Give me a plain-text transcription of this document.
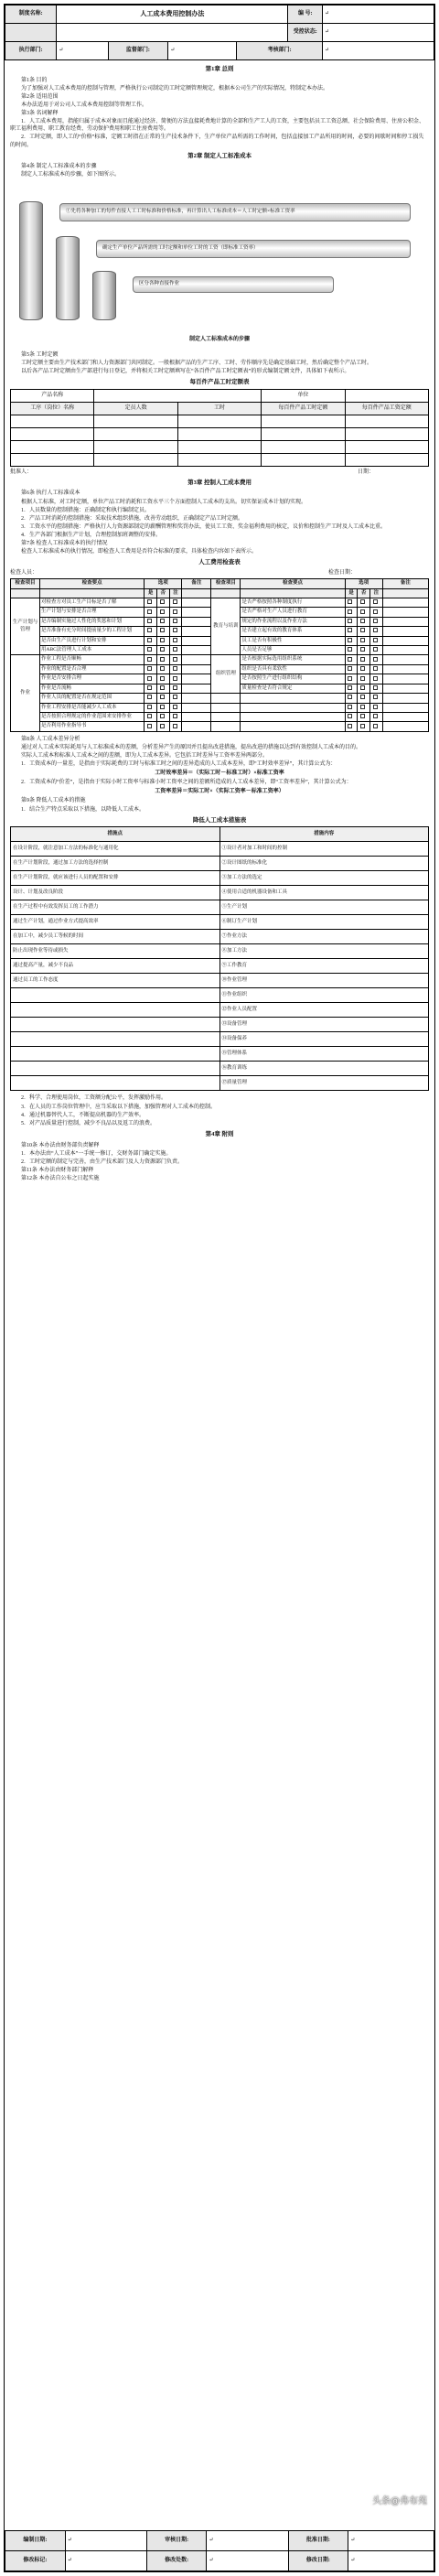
制度名称:	人工成本费用控制办法				编 号:	↵
					受控状态:	↵
执行部门:	↵	监督部门:	↵	考核部门:		↵
第1章 总则

第1条 目的

为了加强对人工成本费用的控制与管理，严格执行公司制定的工时定额管理规定，根据本公司生产的实际情况，特制定本办法。

第2条 适用范围

本办法适用于对公司人工成本费用控制等管理工作。

第3条 名词解释

1．人工成本费用，指能归属于成本对象而且能通过经济、简便的方法直接耗费地计算的全部和生产工人的工资，主要包括员工工资总额、社会保险费用、住房公积金、职工福利费用、职工教育经费、劳动保护费用和职工住房费用等。

2．工时定额，即人工的“价格”标准，定额工时指在正常的生产技术条件下，生产单位产品所需的工作时间，包括直接加工产品所用的时间，必要的间歇时间和停工损失的时间。

第2章 制定人工标准成本

第4条 制定人工标准成本的步骤

制定人工标准成本的步骤，如下图所示。

①先将各种加工的每件直接人工工时标准和价格标准，再计算出人工标准成本＝人工时定额×标准工资率
确定生产单位产品所需的工时定额和单位工时的工资（即标准工资率）
区分各种直接作业
制定人工标准成本的步骤

第5条 工时定额

工时定额主要由生产技术部门和人力资源部门共同制定。一般根据产品的生产工序、工时、劳作顺序先是确定基础工时，然后确定整个产品工时。

以后各产品工时定额由生产部进行每日登记，并将相关工时定额填写在“各百件产品工时定额表”的形式编制定额文件，具体如下表所示。

每百件产品工时定额表
产品名称			单位	
工序（岗位）名称	定员人数	工时	每百件产品工时定额	每百件产品工资定额

批准人：	日期：
第3章 控制人工成本费用

第6条 执行人工标准成本

根据人工标准，对工时定额，单位产品工时消耗和工资水平三个方面控制人工成本的支出。切实保证成本计划的实现。

1．人员数量的控制措施：正确制定和执行编制定员。

2．产品工时消耗的控制措施：采取技术组织措施，改善劳动组织，正确制定产品工时定额。

3．工资水平的控制措施：严格执行人力资源部制定的薪酬管理和奖罚办法，使员工工资、奖金福利费用的核定，议价和控制生产工时及人工成本比重。

4．生产各部门根据生产计划，合理控制加班调整的安排。

第7条 检查人工标准成本的执行情况

检查人工标准成本的执行情况，即检查人工费用是否符合标准的要求，具体检查内容如下表所示。

人工费用检查表
检查人员：	检查日期：
检查项目	检查要点	选项			备注	检查项目	检查要点	选项			备注
		是	否	注				是	否	注	
生产计划与管理	对检查方对员工生产目标是否了解					教育与培训	是否严格按照各种制度执行				
	生产计划与安排是否合理						是否严格对生产人员进行教育				
	是否编制实施过人性化的奖惩和计划						规定的作业流程以及作业方法				
	是否准备有充分时间提前量少的工程计划						是否建立起有效的教育体系				
	是否由生产员进行计划和安排						员工是否有积极性				
	用ABC法管理人工成本						人员是否足够				
作业	作业工程是否顺畅					组织管理	是否根据实际选用组织系统				
	作业的配置是否合理						组织是否具有柔软性				
	作业是否安排合理						是否按照生产进行组织结构				
	作业是否流畅						质量检查是否符合规定				
	作业人员的配置是否在规定范围										
	作业工程安排是否能减少人工成本										
	是否按照合理规定的作业范围来安排作业										
	是否利用作业指导书										

第8条 人工成本差异分析

通过对人工成本实际耗用与人工标准成本的差额，分析差异产生的原因并且提出改进措施，提出改进的措施以达到有效控制人工成本的目的。

实际人工成本和标准人工成本之间的差额，即为人工成本差异。它包括工时差异与工资率差异两部分。

1．工资成本的一量差，是指由于实际耗费的工时与标准工时之间的差异造成的人工成本差异，即“工时效率差异”，其计算公式为：

工时效率差异＝（实际工时－标准工时）×标准工资率

2．工资成本的“价差”，是指由于实际小时工资率与标准小时工资率之间的差额所造成的人工成本差异，即“工资率差异”，其计算公式为：

工资率差异＝实际工时×（实际工资率－标准工资率）

第9条 降低人工成本的措施

1．结合生产特点采取以下措施，以降低人工成本。

降低人工成本措施表
措施点	措施内容
在设计阶段，就注意加工方法的标准化与通用化	①设计者对加工和时间的控制
在生产计划阶段，通过加工方法的选择控制	②设计图纸的标准化
在生产计划阶段，就应该进行人员的配置和安排	③加工方法的选定
设计、计划及改良阶段	④使用合适的机器设备和工具
在生产过程中有效发挥员工的工作潜力	⑤生产计划
通过生产计划，通过作业方式提高效率	⑥制订生产计划
在加工中，减少员工等候的时间	⑦作业方法
防止出现作业等待或损失	⑧加工方法
通过提高产量，减少不良品	⑨工作教育
通过员工的工作态度	⑩作业管理
	⑪作业组织
	⑫作业人员配置
	⑬设备管理
	⑭设备保养
	⑮管理体系
	⑯教育训练
	⑰质量管理

2．科学、合理使用岗位，工资额分配公平，发挥激励作用。

3．在人员的工作岗位管理中，应当采取以下措施，加强管理对人工成本的控制。

4．通过机器替代人工，不断提高机器的生产效率。

5．对产品质量进行控制，减少不良品以及返工的浪费。

第4章 附则

第10条 本办法由财务部负责解释

1．本办法由“人工成本”一手统一修订，交财务部门确定实施。

2．工时定额的制定与完善，由生产技术部门及人力资源部门负责。

第11条 本办法由财务部门解释

第12条 本办法自公布之日起实施

头条@弗布苑
编制日期:	↵	审核日期:	↵	批准日期:	↵
修改标记:	↵	修改处数:	↵	修改日期:	↵
